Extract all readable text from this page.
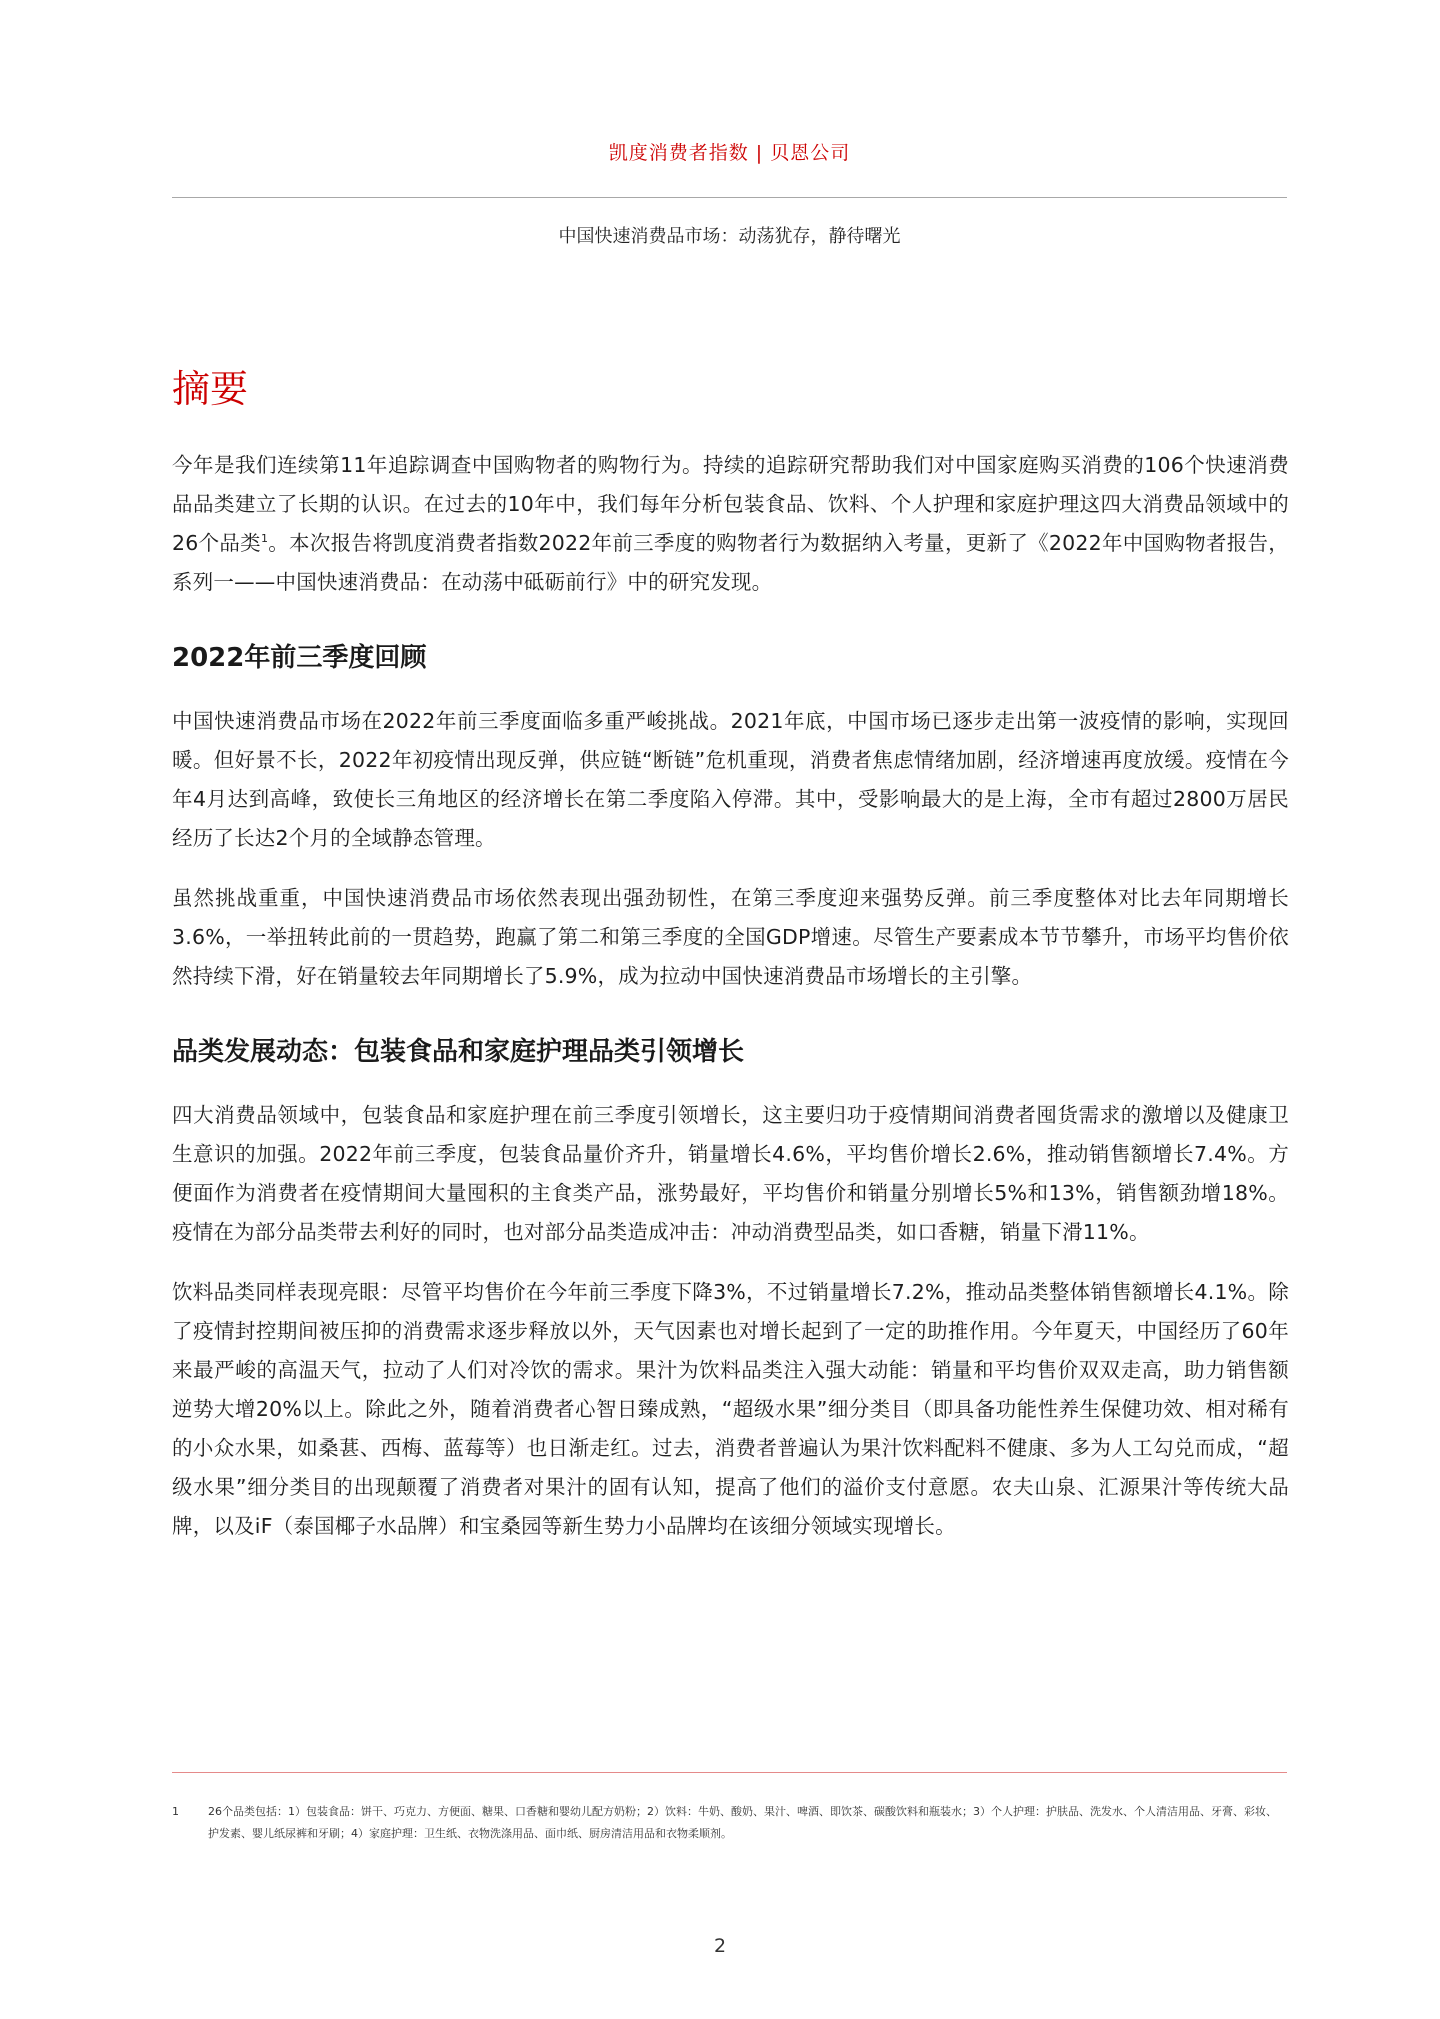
凯度消费者指数 | 贝恩公司
中国快速消费品市场：动荡犹存，静待曙光
摘要

今年是我们连续第11年追踪调查中国购物者的购物行为。持续的追踪研究帮助我们对中国家庭购买消费的106个快速消费品品类建立了长期的认识。在过去的10年中，我们每年分析包装食品、饮料、个人护理和家庭护理这四大消费品领域中的26个品类$^1$。本次报告将凯度消费者指数2022年前三季度的购物者行为数据纳入考量，更新了《2022年中国购物者报告，系列一——中国快速消费品：在动荡中砥砺前行》中的研究发现。

2022年前三季度回顾

中国快速消费品市场在2022年前三季度面临多重严峻挑战。2021年底，中国市场已逐步走出第一波疫情的影响，实现回暖。但好景不长，2022年初疫情出现反弹，供应链“断链”危机重现，消费者焦虑情绪加剧，经济增速再度放缓。疫情在今年4月达到高峰，致使长三角地区的经济增长在第二季度陷入停滞。其中，受影响最大的是上海，全市有超过2800万居民经历了长达2个月的全域静态管理。

虽然挑战重重，中国快速消费品市场依然表现出强劲韧性，在第三季度迎来强势反弹。前三季度整体对比去年同期增长3.6%，一举扭转此前的一贯趋势，跑赢了第二和第三季度的全国GDP增速。尽管生产要素成本节节攀升，市场平均售价依然持续下滑，好在销量较去年同期增长了5.9%，成为拉动中国快速消费品市场增长的主引擎。

品类发展动态：包装食品和家庭护理品类引领增长

四大消费品领域中，包装食品和家庭护理在前三季度引领增长，这主要归功于疫情期间消费者囤货需求的激增以及健康卫生意识的加强。2022年前三季度，包装食品量价齐升，销量增长4.6%，平均售价增长2.6%，推动销售额增长7.4%。方便面作为消费者在疫情期间大量囤积的主食类产品，涨势最好，平均售价和销量分别增长5%和13%，销售额劲增18%。疫情在为部分品类带去利好的同时，也对部分品类造成冲击：冲动消费型品类，如口香糖，销量下滑11%。

饮料品类同样表现亮眼：尽管平均售价在今年前三季度下降3%，不过销量增长7.2%，推动品类整体销售额增长4.1%。除了疫情封控期间被压抑的消费需求逐步释放以外，天气因素也对增长起到了一定的助推作用。今年夏天，中国经历了60年来最严峻的高温天气，拉动了人们对冷饮的需求。果汁为饮料品类注入强大动能：销量和平均售价双双走高，助力销售额逆势大增20%以上。除此之外，随着消费者心智日臻成熟，“超级水果”细分类目（即具备功能性养生保健功效、相对稀有的小众水果，如桑葚、西梅、蓝莓等）也日渐走红。过去，消费者普遍认为果汁饮料配料不健康、多为人工勾兑而成，“超级水果”细分类目的出现颠覆了消费者对果汁的固有认知，提高了他们的溢价支付意愿。农夫山泉、汇源果汁等传统大品牌，以及iF（泰国椰子水品牌）和宝桑园等新生势力小品牌均在该细分领域实现增长。

1	26个品类包括：1）包装食品：饼干、巧克力、方便面、糖果、口香糖和婴幼儿配方奶粉；2）饮料：牛奶、酸奶、果汁、啤酒、即饮茶、碳酸饮料和瓶装水；3）个人护理：护肤品、洗发水、个人清洁用品、牙膏、彩妆、护发素、婴儿纸尿裤和牙刷；4）家庭护理：卫生纸、衣物洗涤用品、面巾纸、厨房清洁用品和衣物柔顺剂。
2
